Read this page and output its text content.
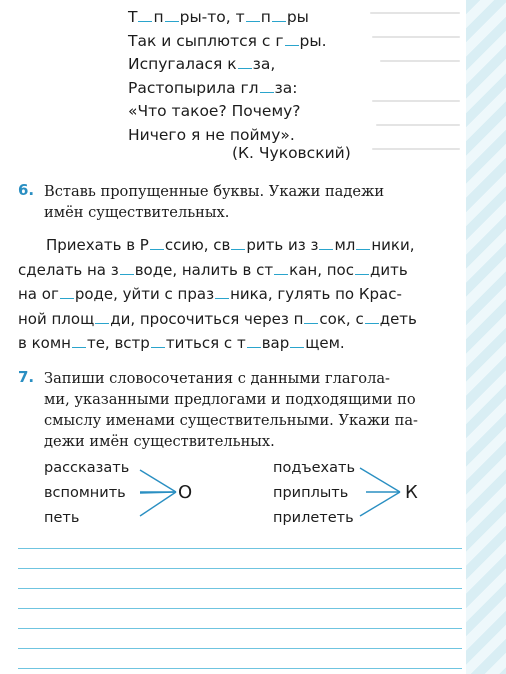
Т п ры-то, т п ры
Так и сыплются с г ры.
Испугалася к за,
Растопырила гл за:
«Что такое? Почему?
Ничего я не пойму».
(К. Чуковский)
6. Вставь пропущенные буквы. Укажи падежи
имён существительных.
Приехать в Р ссию, св рить из з мл ники,
сделать на з воде, налить в ст кан, пос дить
на ог роде, уйти с праз ника, гулять по Крас-
ной площ ди, просочиться через п сок, с деть
в комн те, встр титься с т вар щем.
7. Запиши словосочетания с данными глагола-
ми, указанными предлогами и подходящими по
смыслу именами существительными. Укажи па-
дежи имён существительных.
рассказать
вспомнить
петь
О
подъехать
приплыть
прилететь
К
